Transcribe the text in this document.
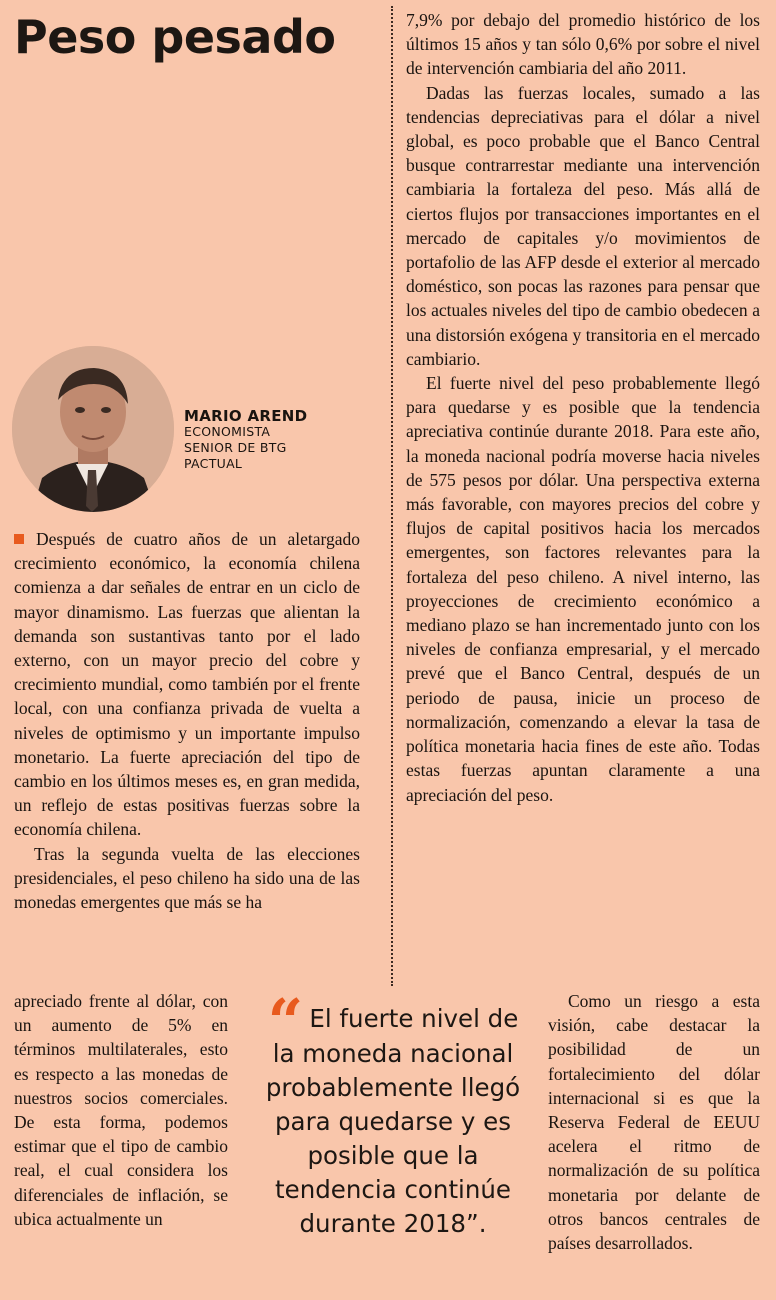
Peso pesado
MARIO AREND
ECONOMISTA SENIOR DE BTG PACTUAL

Después de cuatro años de un aletargado crecimiento económico, la economía chilena comienza a dar señales de entrar en un ciclo de mayor dinamismo. Las fuerzas que alientan la demanda son sustantivas tanto por el lado externo, con un mayor precio del cobre y crecimiento mundial, como también por el frente local, con una confianza privada de vuelta a niveles de optimismo y un importante impulso monetario. La fuerte apreciación del tipo de cambio en los últimos meses es, en gran medida, un reflejo de estas positivas fuerzas sobre la economía chilena.

Tras la segunda vuelta de las elecciones presidenciales, el peso chileno ha sido una de las monedas emergentes que más se ha

apreciado frente al dólar, con un aumento de 5% en términos multilaterales, esto es respecto a las monedas de nuestros socios comerciales. De esta forma, podemos estimar que el tipo de cambio real, el cual considera los diferenciales de inflación, se ubica actualmente un

7,9% por debajo del promedio histórico de los últimos 15 años y tan sólo 0,6% por sobre el nivel de intervención cambiaria del año 2011.

Dadas las fuerzas locales, sumado a las tendencias depreciativas para el dólar a nivel global, es poco probable que el Banco Central busque contrarrestar mediante una intervención cambiaria la fortaleza del peso. Más allá de ciertos flujos por transacciones importantes en el mercado de capitales y/o movimientos de portafolio de las AFP desde el exterior al mercado doméstico, son pocas las razones para pensar que los actuales niveles del tipo de cambio obedecen a una distorsión exógena y transitoria en el mercado cambiario.

El fuerte nivel del peso probablemente llegó para quedarse y es posible que la tendencia apreciativa continúe durante 2018. Para este año, la moneda nacional podría moverse hacia niveles de 575 pesos por dólar. Una perspectiva externa más favorable, con mayores precios del cobre y flujos de capital positivos hacia los mercados emergentes, son factores relevantes para la fortaleza del peso chileno. A nivel interno, las proyecciones de crecimiento económico a mediano plazo se han incrementado junto con los niveles de confianza empresarial, y el mercado prevé que el Banco Central, después de un periodo de pausa, inicie un proceso de normalización, comenzando a elevar la tasa de política monetaria hacia fines de este año. Todas estas fuerzas apuntan claramente a una apreciación del peso.

Como un riesgo a esta visión, cabe destacar la posibilidad de un fortalecimiento del dólar internacional si es que la Reserva Federal de EEUU acelera el ritmo de normalización de su política monetaria por delante de otros bancos centrales de países desarrollados.

“ El fuerte nivel de la moneda nacional probablemente llegó para quedarse y es posible que la tendencia continúe durante 2018”.
